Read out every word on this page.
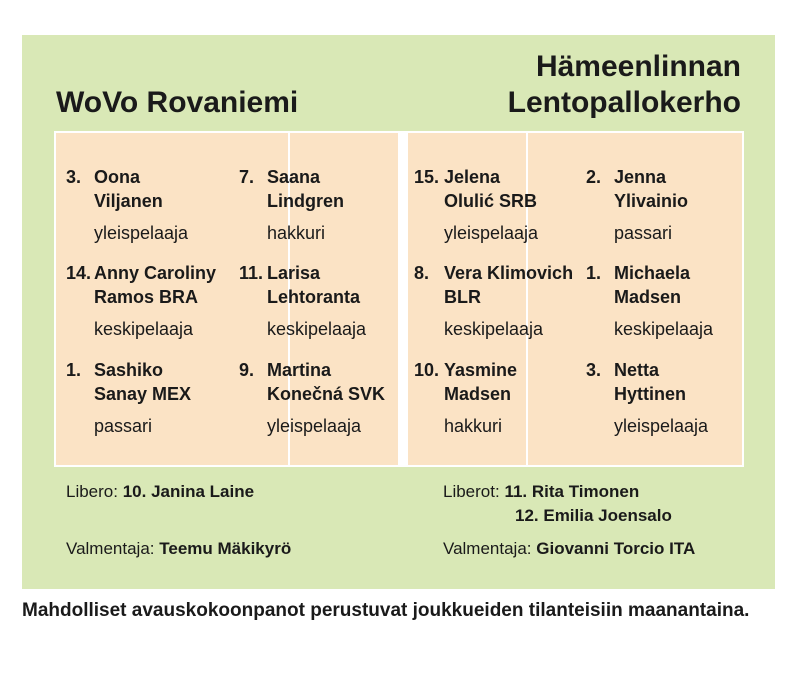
WoVo Rovaniemi
Hämeenlinnan Lentopallokerho
3. Oona Viljanen
yleispelaaja
7. Saana Lindgren
hakkuri
14. Anny Caroliny Ramos BRA
keskipelaaja
11. Larisa Lehtoranta
keskipelaaja
1. Sashiko Sanay MEX
passari
9. Martina Konečná SVK
yleispelaaja
15. Jelena Olulić SRB
yleispelaaja
2. Jenna Ylivainio
passari
8. Vera Klimovich BLR
keskipelaaja
1. Michaela Madsen
keskipelaaja
10. Yasmine Madsen
hakkuri
3. Netta Hyttinen
yleispelaaja
Libero: 10. Janina Laine
Valmentaja: Teemu Mäkikyrö
Liberot: 11. Rita Timonen
12. Emilia Joensalo
Valmentaja: Giovanni Torcio ITA
Mahdolliset avauskokoonpanot perustuvat joukkueiden tilanteisiin maanantaina.
